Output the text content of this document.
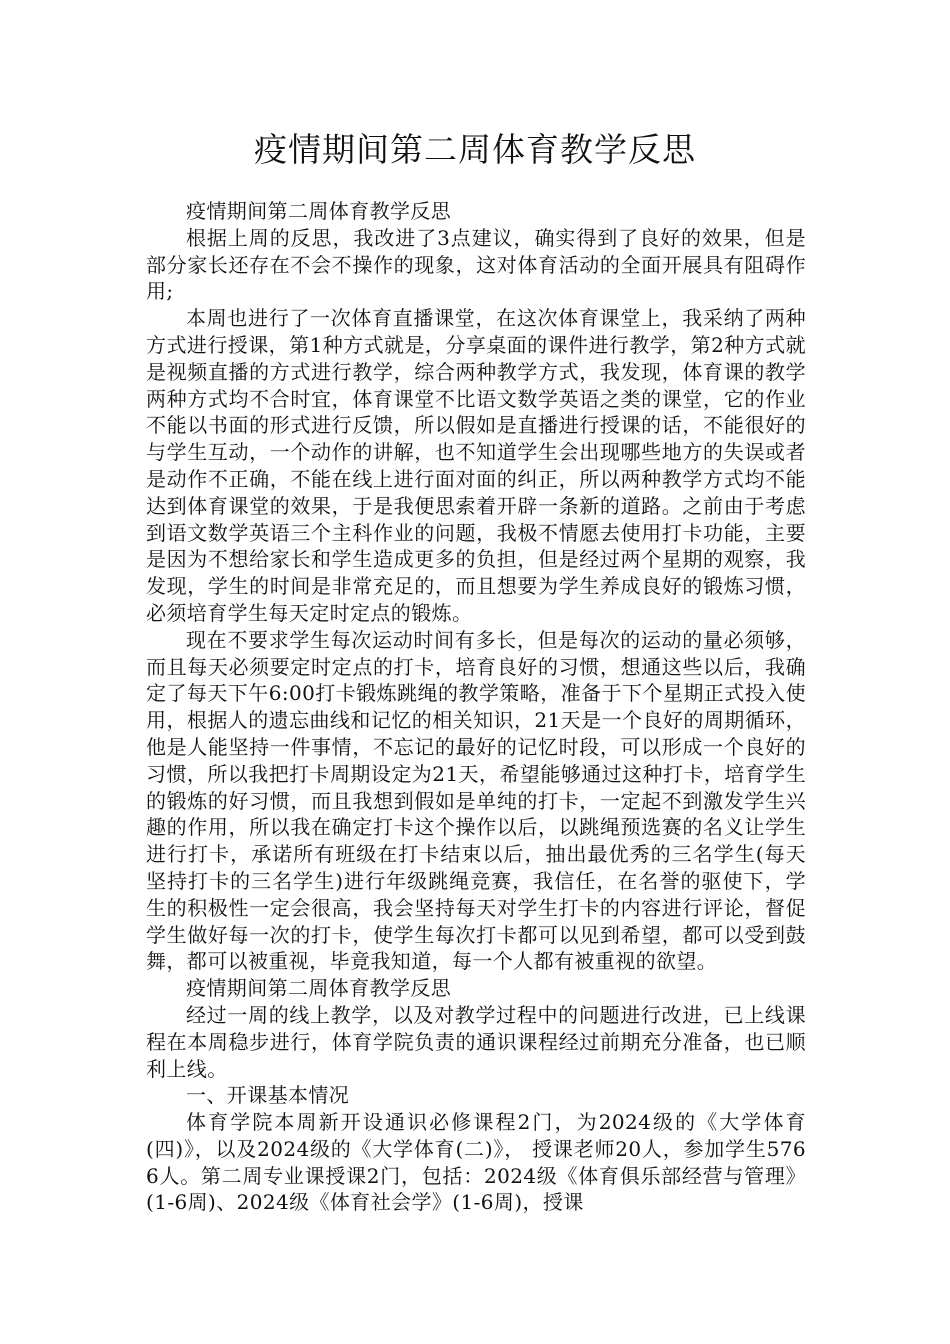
疫情期间第二周体育教学反思

疫情期间第二周体育教学反思

根据上周的反思，我改进了3点建议，确实得到了良好的效果，但是部分家长还存在不会不操作的现象，这对体育活动的全面开展具有阻碍作用;

本周也进行了一次体育直播课堂，在这次体育课堂上，我采纳了两种方式进行授课，第1种方式就是，分享桌面的课件进行教学，第2种方式就是视频直播的方式进行教学，综合两种教学方式，我发现，体育课的教学两种方式均不合时宜，体育课堂不比语文数学英语之类的课堂，它的作业不能以书面的形式进行反馈，所以假如是直播进行授课的话，不能很好的与学生互动，一个动作的讲解，也不知道学生会出现哪些地方的失误或者是动作不正确，不能在线上进行面对面的纠正，所以两种教学方式均不能达到体育课堂的效果，于是我便思索着开辟一条新的道路。之前由于考虑到语文数学英语三个主科作业的问题，我极不情愿去使用打卡功能，主要是因为不想给家长和学生造成更多的负担，但是经过两个星期的观察，我发现，学生的时间是非常充足的，而且想要为学生养成良好的锻炼习惯，必须培育学生每天定时定点的锻炼。

现在不要求学生每次运动时间有多长，但是每次的运动的量必须够，而且每天必须要定时定点的打卡，培育良好的习惯，想通这些以后，我确定了每天下午6:00打卡锻炼跳绳的教学策略，准备于下个星期正式投入使用，根据人的遗忘曲线和记忆的相关知识，21天是一个良好的周期循环，他是人能坚持一件事情，不忘记的最好的记忆时段，可以形成一个良好的习惯，所以我把打卡周期设定为21天，希望能够通过这种打卡，培育学生的锻炼的好习惯，而且我想到假如是单纯的打卡，一定起不到激发学生兴趣的作用，所以我在确定打卡这个操作以后，以跳绳预选赛的名义让学生进行打卡，承诺所有班级在打卡结束以后，抽出最优秀的三名学生(每天坚持打卡的三名学生)进行年级跳绳竞赛，我信任，在名誉的驱使下，学生的积极性一定会很高，我会坚持每天对学生打卡的内容进行评论，督促学生做好每一次的打卡，使学生每次打卡都可以见到希望，都可以受到鼓舞，都可以被重视，毕竟我知道，每一个人都有被重视的欲望。

疫情期间第二周体育教学反思

经过一周的线上教学，以及对教学过程中的问题进行改进，已上线课程在本周稳步进行，体育学院负责的通识课程经过前期充分准备，也已顺利上线。

一、开课基本情况

体育学院本周新开设通识必修课程2门，为2024级的《大学体育(四)》，以及2024级的《大学体育(二)》， 授课老师20人，参加学生5766人。第二周专业课授课2门，包括：2024级《体育俱乐部经营与管理》(1-6周)、2024级《体育社会学》(1-6周)，授课
